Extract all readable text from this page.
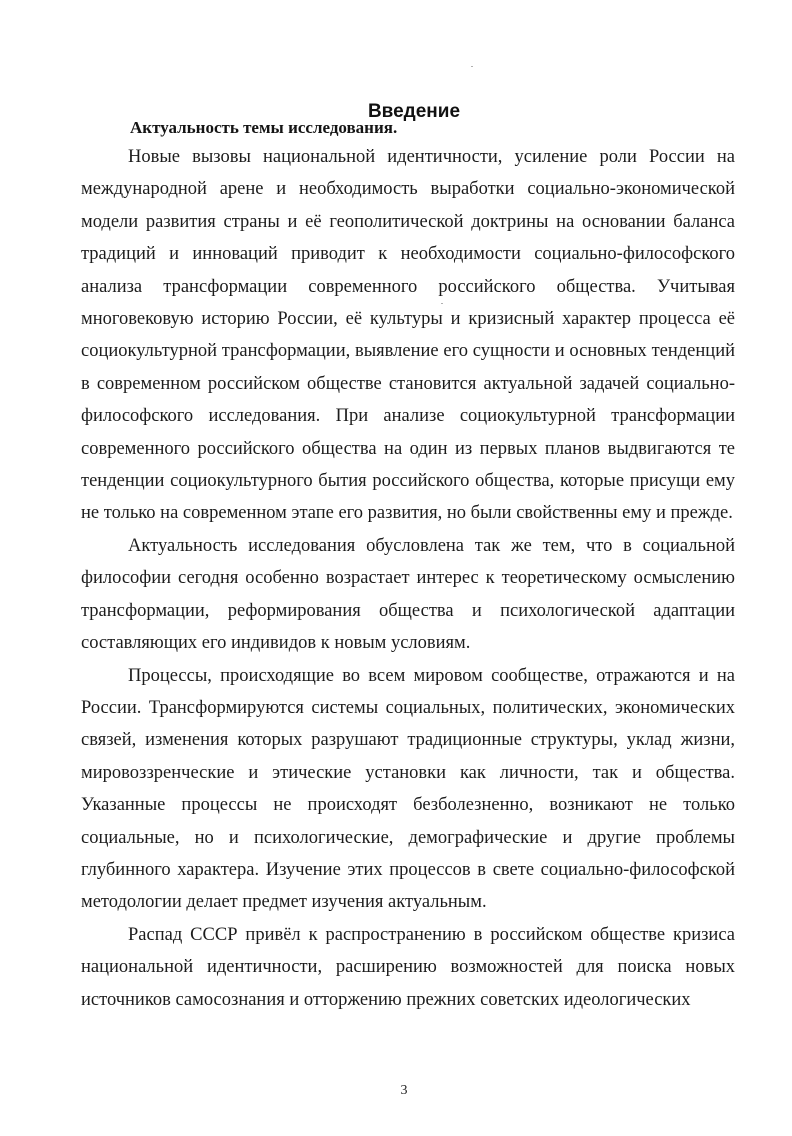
Введение
Актуальность темы исследования.

Новые вызовы национальной идентичности, усиление роли России на международной арене и необходимость выработки социально-экономической модели развития страны и её геополитической доктрины на основании баланса традиций и инноваций приводит к необходимости социально-философского анализа трансформации современного российского общества. Учитывая многовековую историю России, её культуры и кризисный характер процесса её социокультурной трансформации, выявление его сущности и основных тенденций в современном российском обществе становится актуальной задачей социально-философского исследования. При анализе социокультурной трансформации современного российского общества на один из первых планов выдвигаются те тенденции социокультурного бытия российского общества, которые присущи ему не только на современном этапе его развития, но были свойственны ему и прежде.

Актуальность исследования обусловлена так же тем, что в социальной философии сегодня особенно возрастает интерес к теоретическому осмыслению трансформации, реформирования общества и психологической адаптации составляющих его индивидов к новым условиям.

Процессы, происходящие во всем мировом сообществе, отражаются и на России. Трансформируются системы социальных, политических, экономических связей, изменения которых разрушают традиционные структуры, уклад жизни, мировоззренческие и этические установки как личности, так и общества. Указанные процессы не происходят безболезненно, возникают не только социальные, но и психологические, демографические и другие проблемы глубинного характера. Изучение этих процессов в свете социально-философской методологии делает предмет изучения актуальным.

Распад СССР привёл к распространению в российском обществе кризиса национальной идентичности, расширению возможностей для поиска новых источников самосознания и отторжению прежних советских идеологических

3
